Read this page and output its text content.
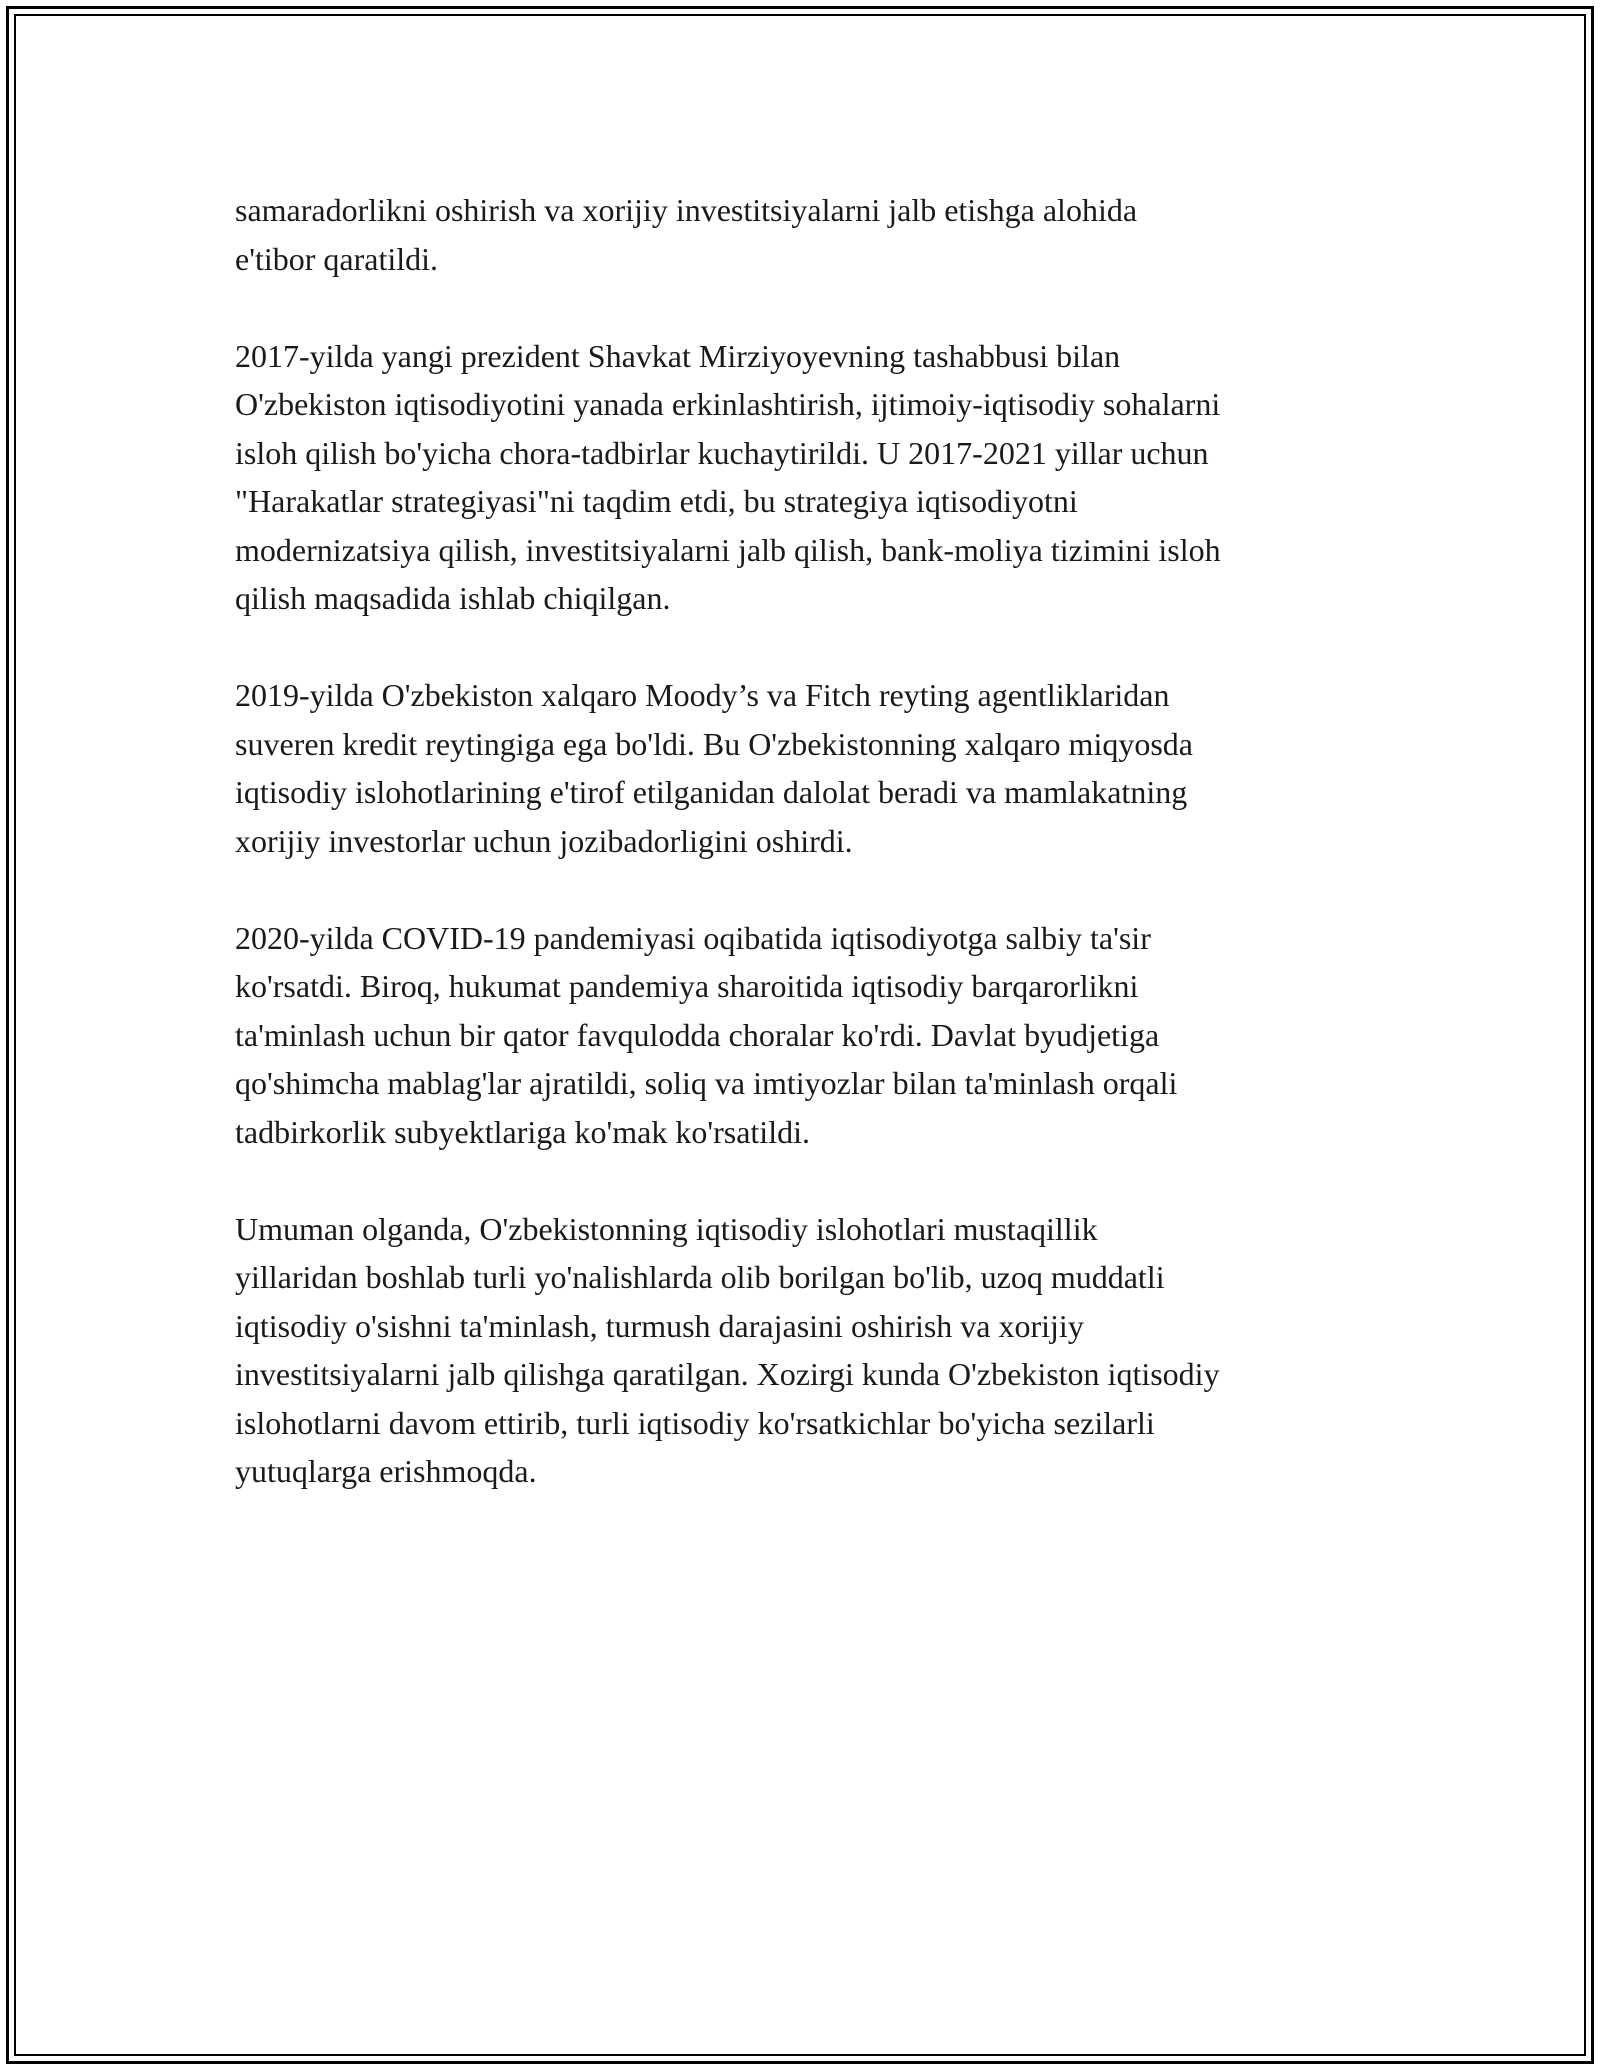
samaradorlikni oshirish va xorijiy investitsiyalarni jalb etishga alohida
e'tibor qaratildi.

2017-yilda yangi prezident Shavkat Mirziyoyevning tashabbusi bilan
O'zbekiston iqtisodiyotini yanada erkinlashtirish, ijtimoiy-iqtisodiy sohalarni
isloh qilish bo'yicha chora-tadbirlar kuchaytirildi. U 2017-2021 yillar uchun
"Harakatlar strategiyasi"ni taqdim etdi, bu strategiya iqtisodiyotni
modernizatsiya qilish, investitsiyalarni jalb qilish, bank-moliya tizimini isloh
qilish maqsadida ishlab chiqilgan.

2019-yilda O'zbekiston xalqaro Moody’s va Fitch reyting agentliklaridan
suveren kredit reytingiga ega bo'ldi. Bu O'zbekistonning xalqaro miqyosda
iqtisodiy islohotlarining e'tirof etilganidan dalolat beradi va mamlakatning
xorijiy investorlar uchun jozibadorligini oshirdi.

2020-yilda COVID-19 pandemiyasi oqibatida iqtisodiyotga salbiy ta'sir
ko'rsatdi. Biroq, hukumat pandemiya sharoitida iqtisodiy barqarorlikni
ta'minlash uchun bir qator favqulodda choralar ko'rdi. Davlat byudjetiga
qo'shimcha mablag'lar ajratildi, soliq va imtiyozlar bilan ta'minlash orqali
tadbirkorlik subyektlariga ko'mak ko'rsatildi.

Umuman olganda, O'zbekistonning iqtisodiy islohotlari mustaqillik
yillaridan boshlab turli yo'nalishlarda olib borilgan bo'lib, uzoq muddatli
iqtisodiy o'sishni ta'minlash, turmush darajasini oshirish va xorijiy
investitsiyalarni jalb qilishga qaratilgan. Xozirgi kunda O'zbekiston iqtisodiy
islohotlarni davom ettirib, turli iqtisodiy ko'rsatkichlar bo'yicha sezilarli
yutuqlarga erishmoqda.
